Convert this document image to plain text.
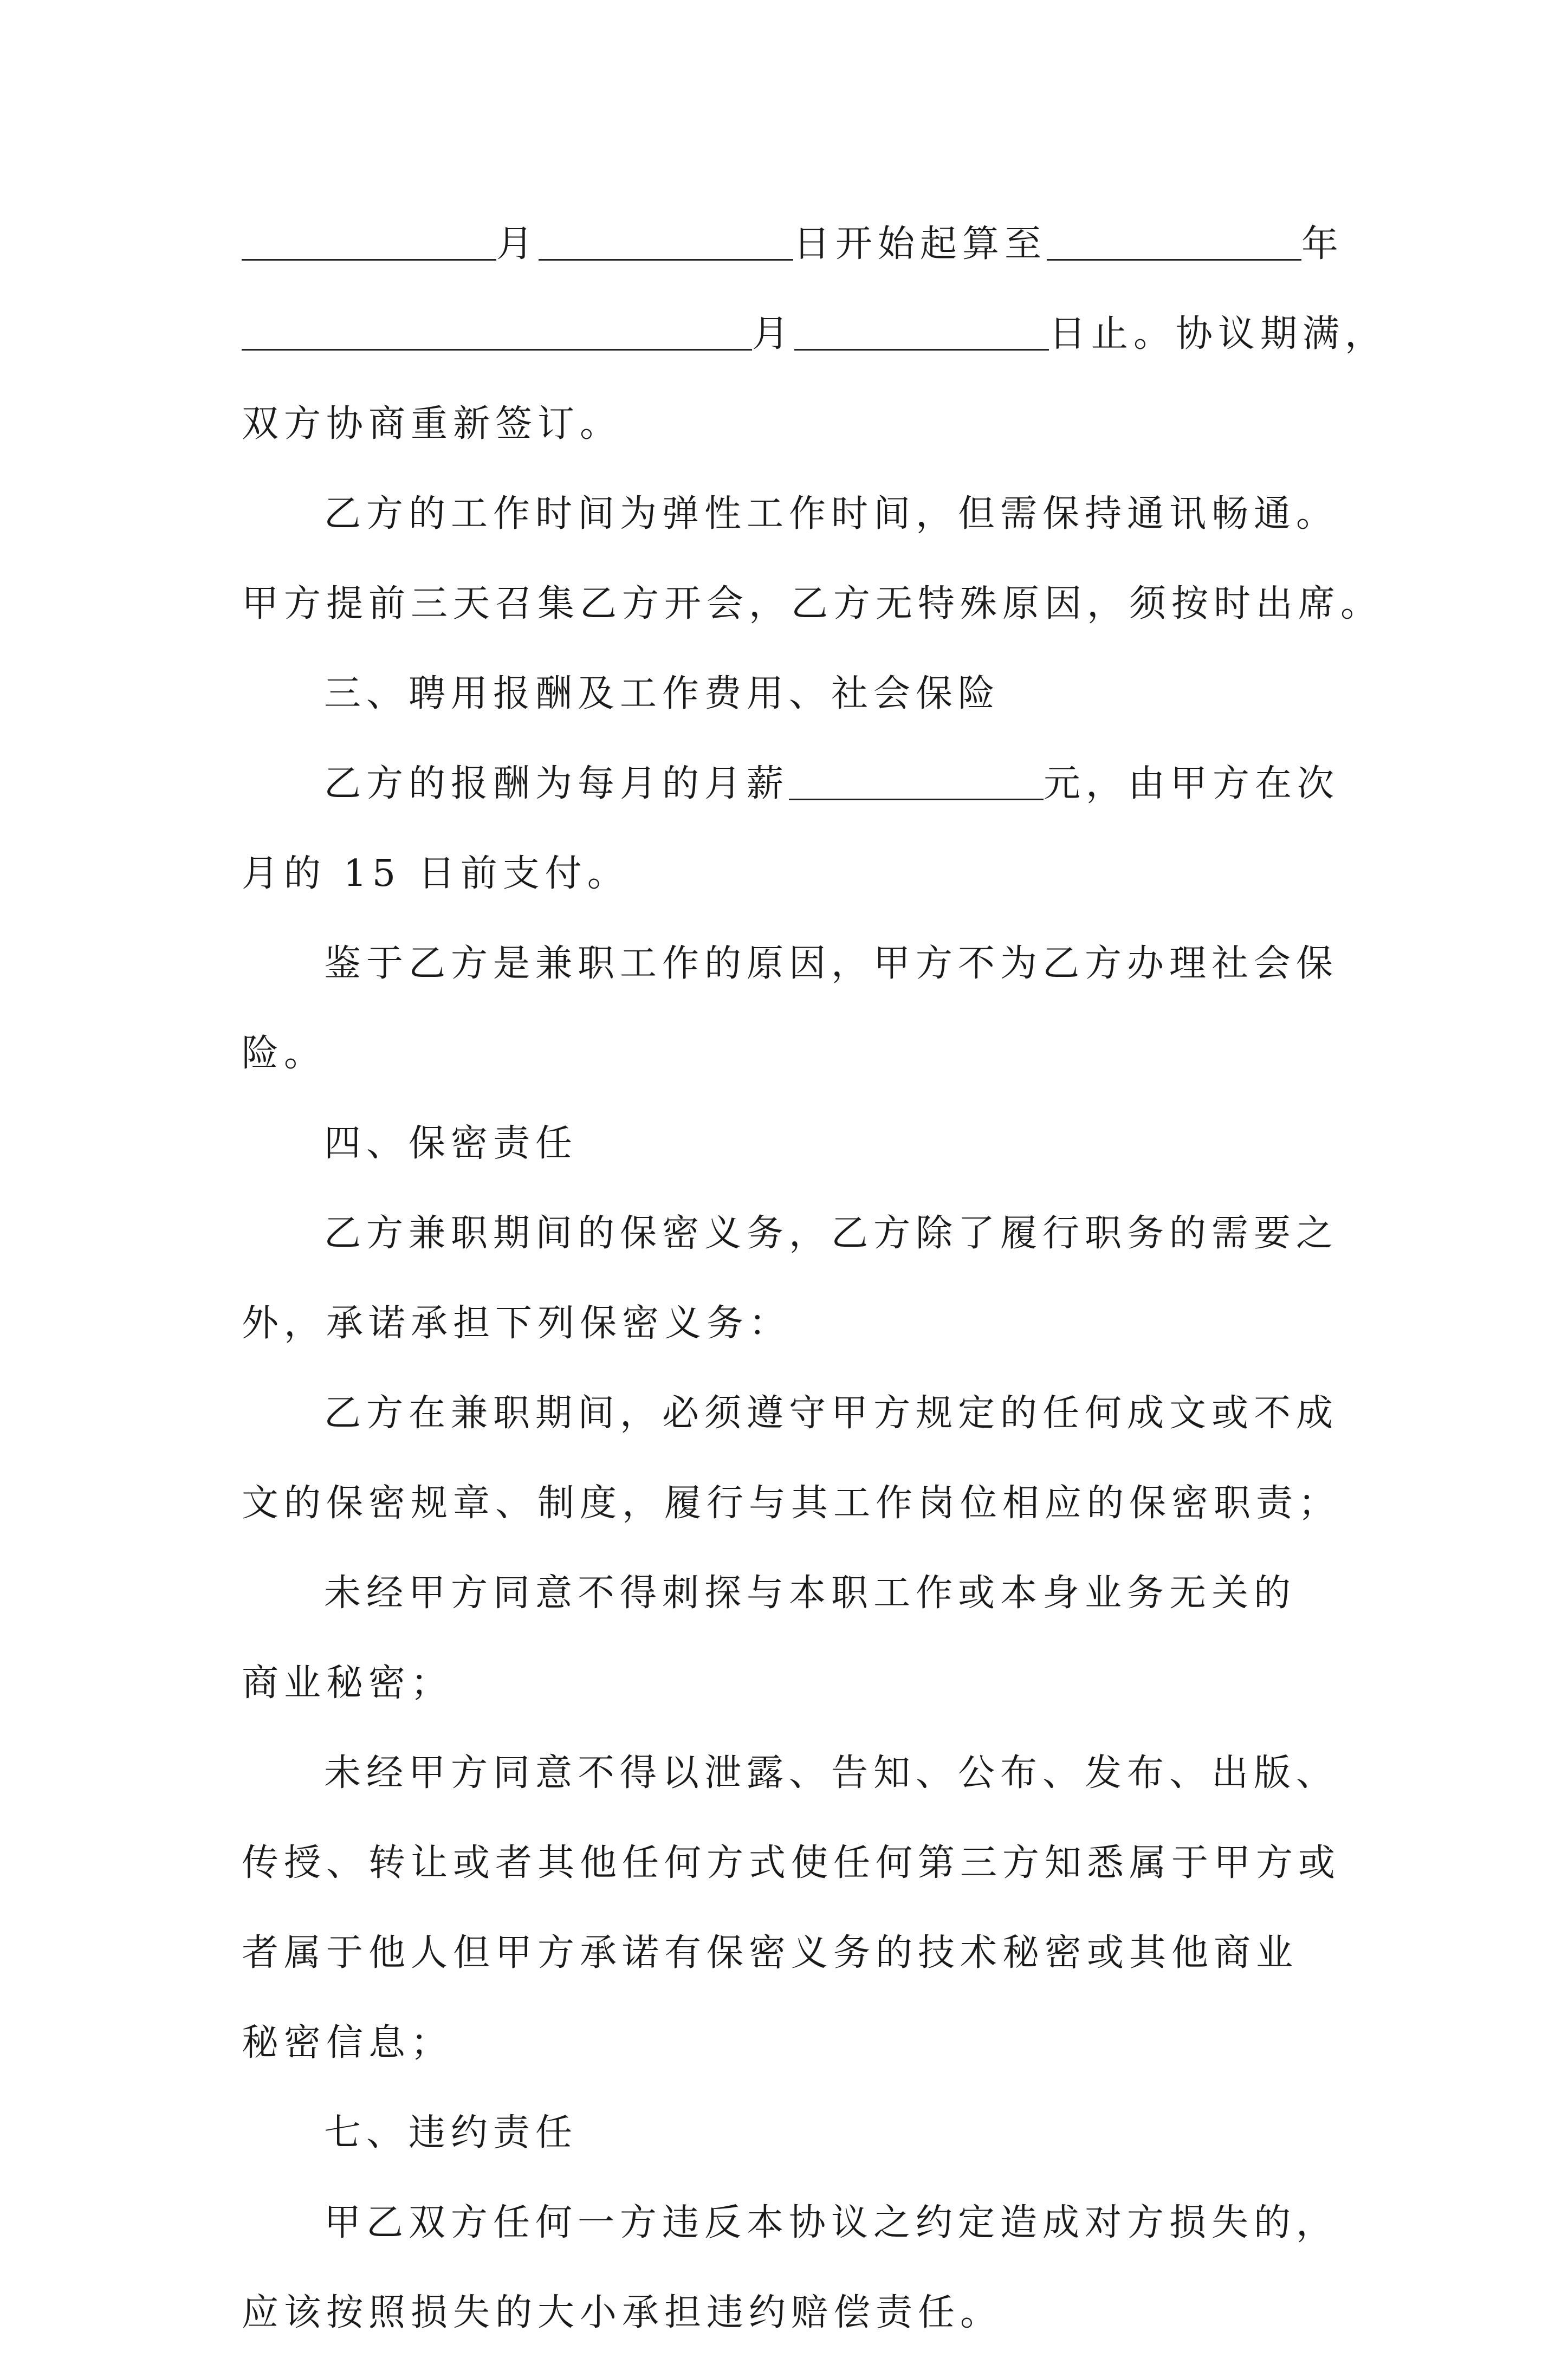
月	日开始起算至	年
月	日止。协议期满，
双方协商重新签订。
乙方的工作时间为弹性工作时间，但需保持通讯畅通。
甲方提前三天召集乙方开会，乙方无特殊原因，须按时出席。
三、聘用报酬及工作费用、社会保险
乙方的报酬为每月的月薪	元，由甲方在次
月的 15 日前支付。
鉴于乙方是兼职工作的原因，甲方不为乙方办理社会保
险。
四、保密责任
乙方兼职期间的保密义务，乙方除了履行职务的需要之
外，承诺承担下列保密义务：
乙方在兼职期间，必须遵守甲方规定的任何成文或不成
文的保密规章、制度，履行与其工作岗位相应的保密职责；
未经甲方同意不得刺探与本职工作或本身业务无关的
商业秘密；
未经甲方同意不得以泄露、告知、公布、发布、出版、
传授、转让或者其他任何方式使任何第三方知悉属于甲方或
者属于他人但甲方承诺有保密义务的技术秘密或其他商业
秘密信息；
七、违约责任
甲乙双方任何一方违反本协议之约定造成对方损失的，
应该按照损失的大小承担违约赔偿责任。
